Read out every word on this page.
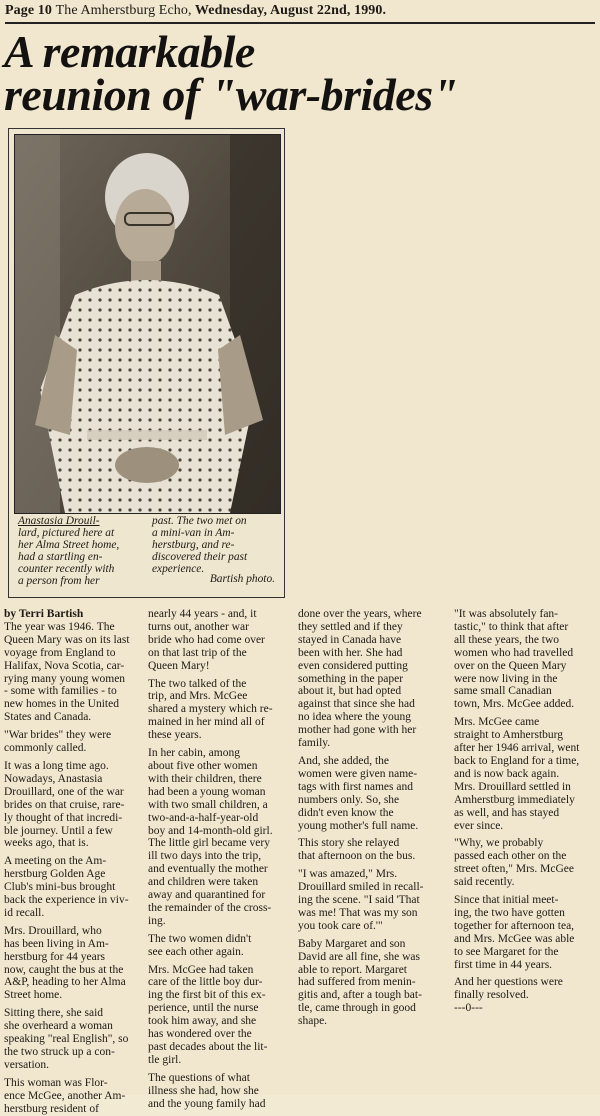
Page 10 The Amherstburg Echo, Wednesday, August 22nd, 1990.
A remarkable
reunion of "war-brides"
Anastasia Drouil-
lard, pictured here at
her Alma Street home,
had a startling en-
counter recently with
a person from her
past. The two met on
a mini-van in Am-
herstburg, and re-
discovered their past
experience.
Bartish photo.

by Terri Bartish

The year was 1946. The

Queen Mary was on its last

voyage from England to

Halifax, Nova Scotia, car-

rying many young women

- some with families - to

new homes in the United

States and Canada.

"War brides" they were

commonly called.

It was a long time ago.

Nowadays, Anastasia

Drouillard, one of the war

brides on that cruise, rare-

ly thought of that incredi-

ble journey. Until a few

weeks ago, that is.

A meeting on the Am-

herstburg Golden Age

Club's mini-bus brought

back the experience in viv-

id recall.

Mrs. Drouillard, who

has been living in Am-

herstburg for 44 years

now, caught the bus at the

A&P, heading to her Alma

Street home.

Sitting there, she said

she overheard a woman

speaking "real English", so

the two struck up a con-

versation.

This woman was Flor-

ence McGee, another Am-

herstburg resident of

nearly 44 years - and, it

turns out, another war

bride who had come over

on that last trip of the

Queen Mary!

The two talked of the

trip, and Mrs. McGee

shared a mystery which re-

mained in her mind all of

these years.

In her cabin, among

about five other women

with their children, there

had been a young woman

with two small children, a

two-and-a-half-year-old

boy and 14-month-old girl.

The little girl became very

ill two days into the trip,

and eventually the mother

and children were taken

away and quarantined for

the remainder of the cross-

ing.

The two women didn't

see each other again.

Mrs. McGee had taken

care of the little boy dur-

ing the first bit of this ex-

perience, until the nurse

took him away, and she

has wondered over the

past decades about the lit-

tle girl.

The questions of what

illness she had, how she

and the young family had

done over the years, where

they settled and if they

stayed in Canada have

been with her. She had

even considered putting

something in the paper

about it, but had opted

against that since she had

no idea where the young

mother had gone with her

family.

And, she added, the

women were given name-

tags with first names and

numbers only. So, she

didn't even know the

young mother's full name.

This story she relayed

that afternoon on the bus.

"I was amazed," Mrs.

Drouillard smiled in recall-

ing the scene. "I said 'That

was me! That was my son

you took care of.'"

Baby Margaret and son

David are all fine, she was

able to report. Margaret

had suffered from menin-

gitis and, after a tough bat-

tle, came through in good

shape.

"It was absolutely fan-

tastic," to think that after

all these years, the two

women who had travelled

over on the Queen Mary

were now living in the

same small Canadian

town, Mrs. McGee added.

Mrs. McGee came

straight to Amherstburg

after her 1946 arrival, went

back to England for a time,

and is now back again.

Mrs. Drouillard settled in

Amherstburg immediately

as well, and has stayed

ever since.

"Why, we probably

passed each other on the

street often," Mrs. McGee

said recently.

Since that initial meet-

ing, the two have gotten

together for afternoon tea,

and Mrs. McGee was able

to see Margaret for the

first time in 44 years.

And her questions were

finally resolved.

---0---
